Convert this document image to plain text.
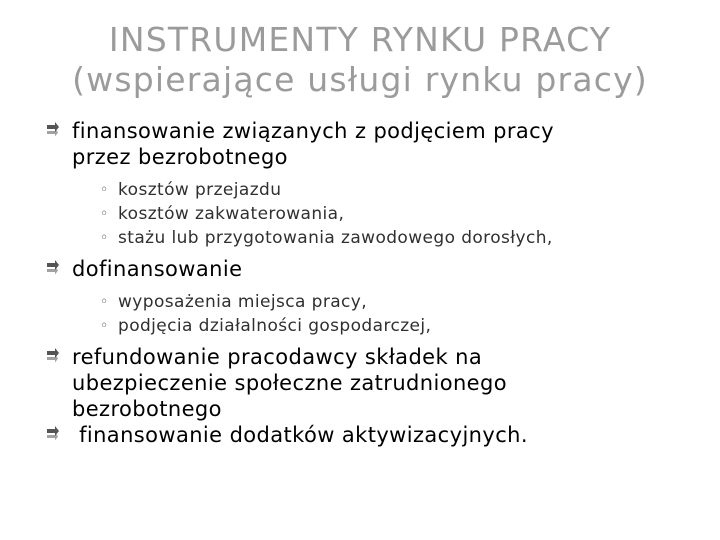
INSTRUMENTY RYNKU PRACY
(wspierające usługi rynku pracy)
finansowanie związanych z podjęciem pracy
przez bezrobotnego
◦ kosztów przejazdu
◦ kosztów zakwaterowania,
◦ stażu lub przygotowania zawodowego dorosłych,
dofinansowanie
◦ wyposażenia miejsca pracy,
◦ podjęcia działalności gospodarczej,
refundowanie pracodawcy składek na
ubezpieczenie społeczne zatrudnionego
bezrobotnego
finansowanie dodatków aktywizacyjnych.
